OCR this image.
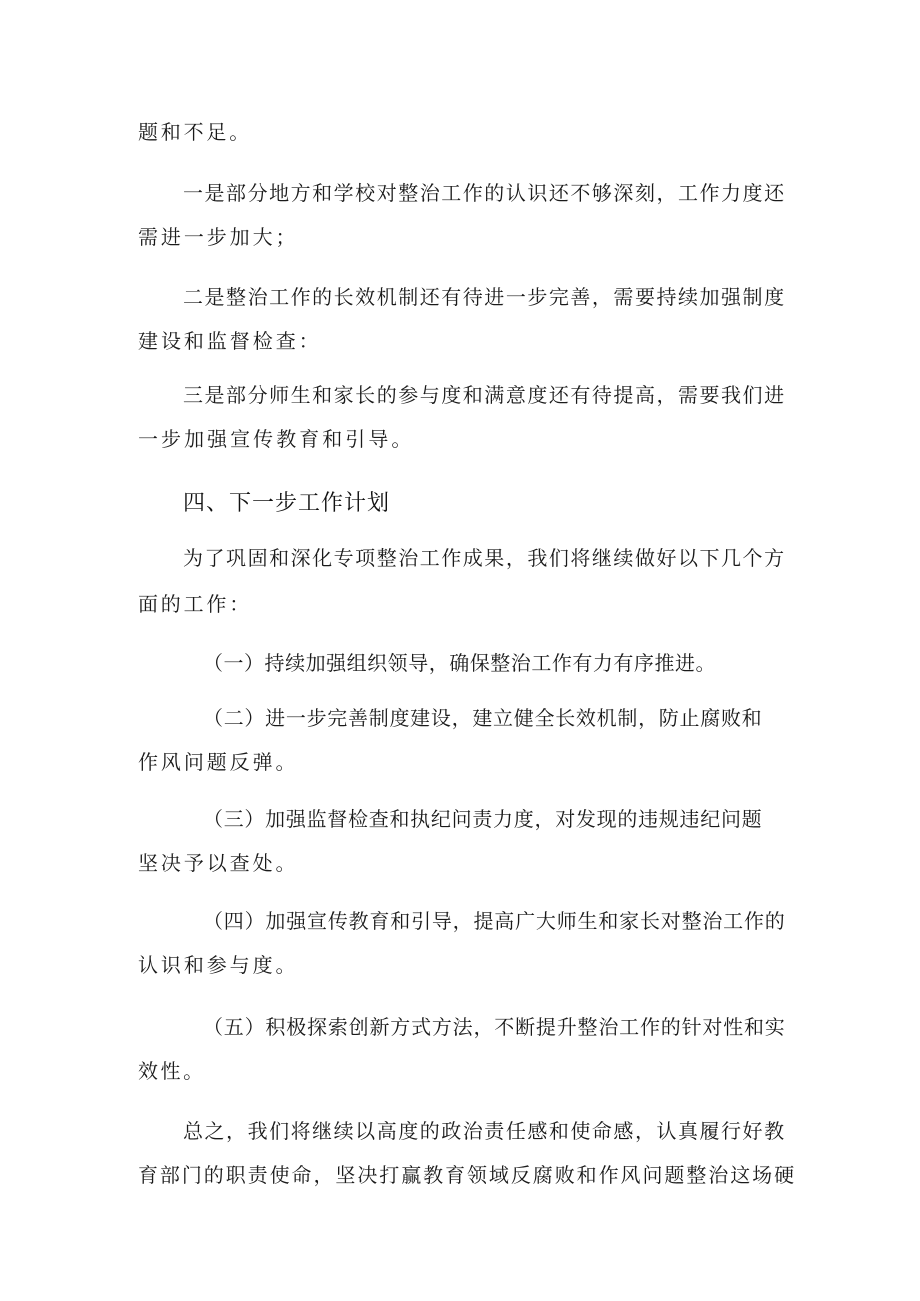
题和不足。
一是部分地方和学校对整治工作的认识还不够深刻，工作力度还
需进一步加大；
二是整治工作的长效机制还有待进一步完善，需要持续加强制度
建设和监督检查：
三是部分师生和家长的参与度和满意度还有待提高，需要我们进
一步加强宣传教育和引导。
四、下一步工作计划
为了巩固和深化专项整治工作成果，我们将继续做好以下几个方
面的工作：
（一）持续加强组织领导，确保整治工作有力有序推进。
（二）进一步完善制度建设，建立健全长效机制，防止腐败和
作风问题反弹。
（三）加强监督检查和执纪问责力度，对发现的违规违纪问题
坚决予以查处。
（四）加强宣传教育和引导，提高广大师生和家长对整治工作的
认识和参与度。
（五）积极探索创新方式方法，不断提升整治工作的针对性和实
效性。
总之，我们将继续以高度的政治责任感和使命感，认真履行好教
育部门的职责使命，坚决打赢教育领域反腐败和作风问题整治这场硬
